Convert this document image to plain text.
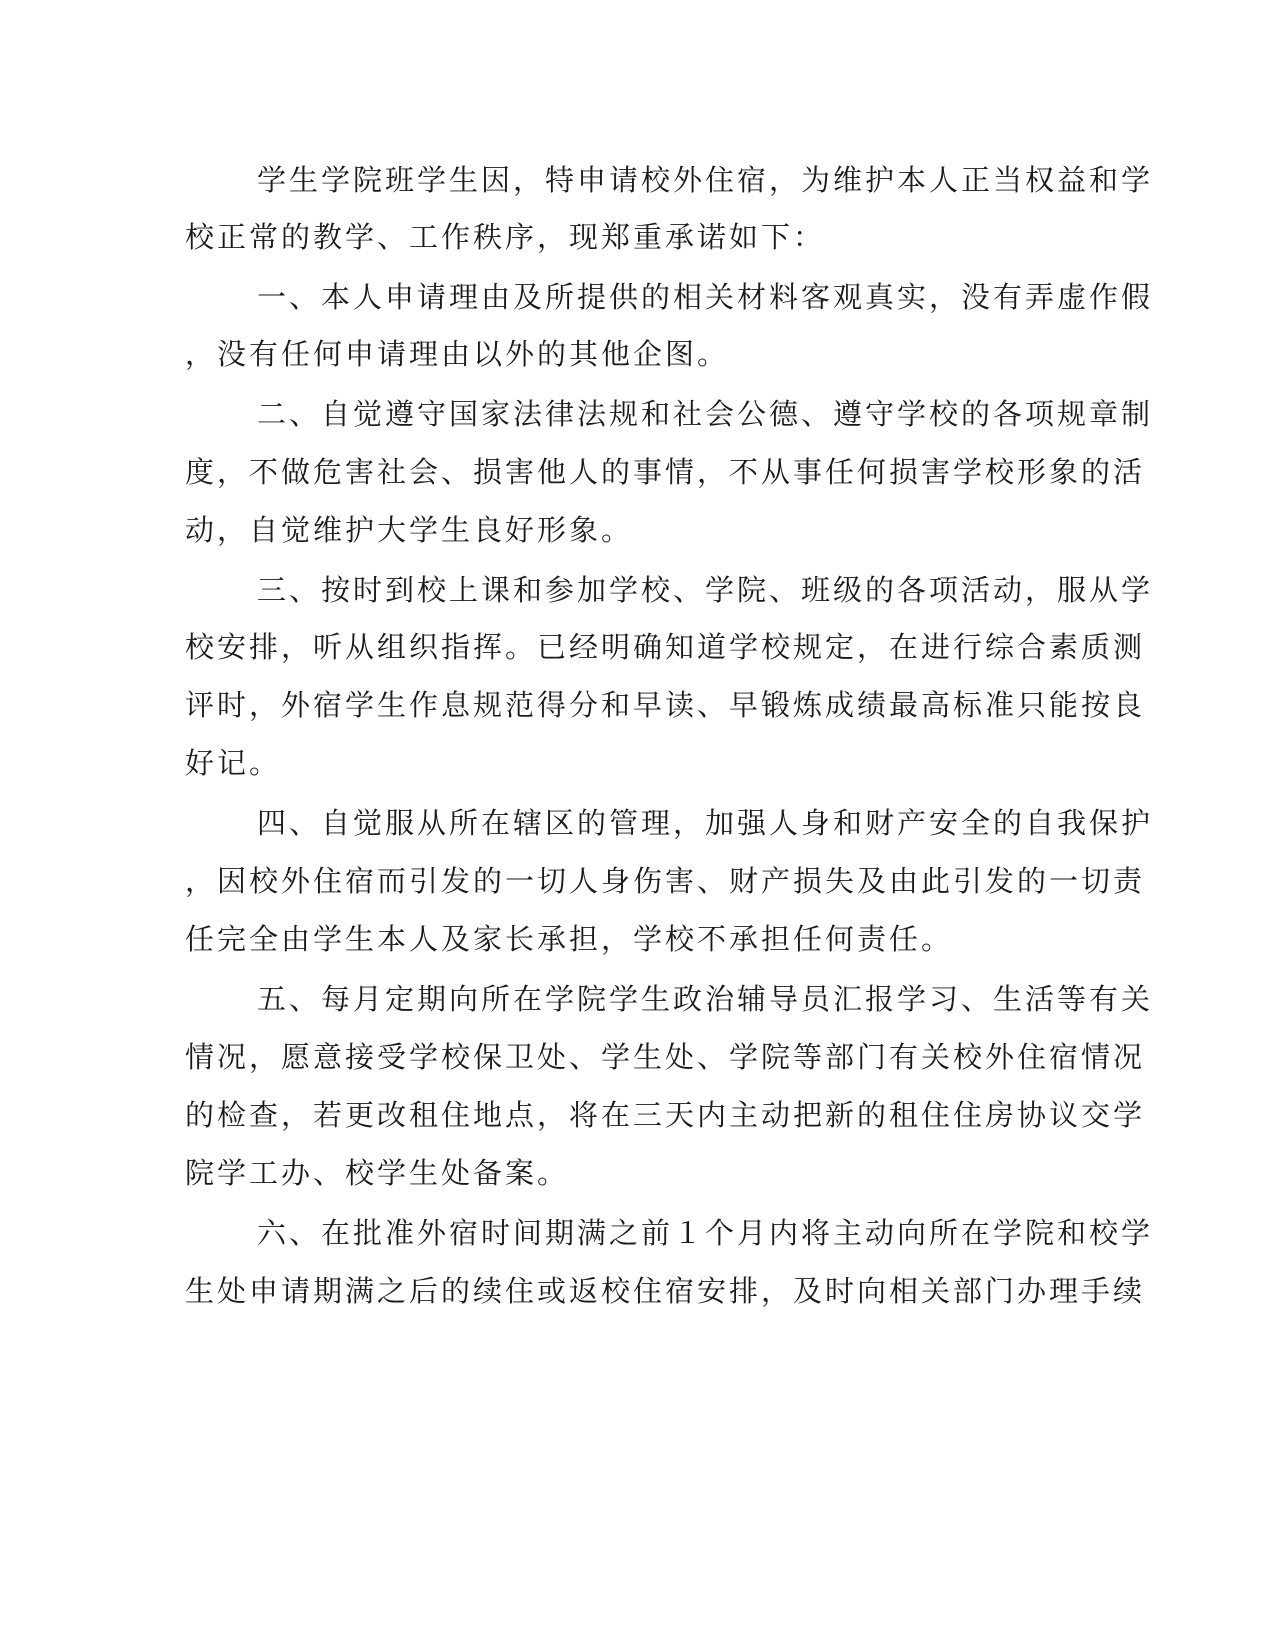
学生学院班学生因，特申请校外住宿，为维护本人正当权益和学
校正常的教学、工作秩序，现郑重承诺如下：
一、本人申请理由及所提供的相关材料客观真实，没有弄虚作假
，没有任何申请理由以外的其他企图。
二、自觉遵守国家法律法规和社会公德、遵守学校的各项规章制
度，不做危害社会、损害他人的事情，不从事任何损害学校形象的活
动，自觉维护大学生良好形象。
三、按时到校上课和参加学校、学院、班级的各项活动，服从学
校安排，听从组织指挥。已经明确知道学校规定，在进行综合素质测
评时，外宿学生作息规范得分和早读、早锻炼成绩最高标准只能按良
好记。
四、自觉服从所在辖区的管理，加强人身和财产安全的自我保护
，因校外住宿而引发的一切人身伤害、财产损失及由此引发的一切责
任完全由学生本人及家长承担，学校不承担任何责任。
五、每月定期向所在学院学生政治辅导员汇报学习、生活等有关
情况，愿意接受学校保卫处、学生处、学院等部门有关校外住宿情况
的检查，若更改租住地点，将在三天内主动把新的租住住房协议交学
院学工办、校学生处备案。
六、在批准外宿时间期满之前１个月内将主动向所在学院和校学
生处申请期满之后的续住或返校住宿安排，及时向相关部门办理手续
